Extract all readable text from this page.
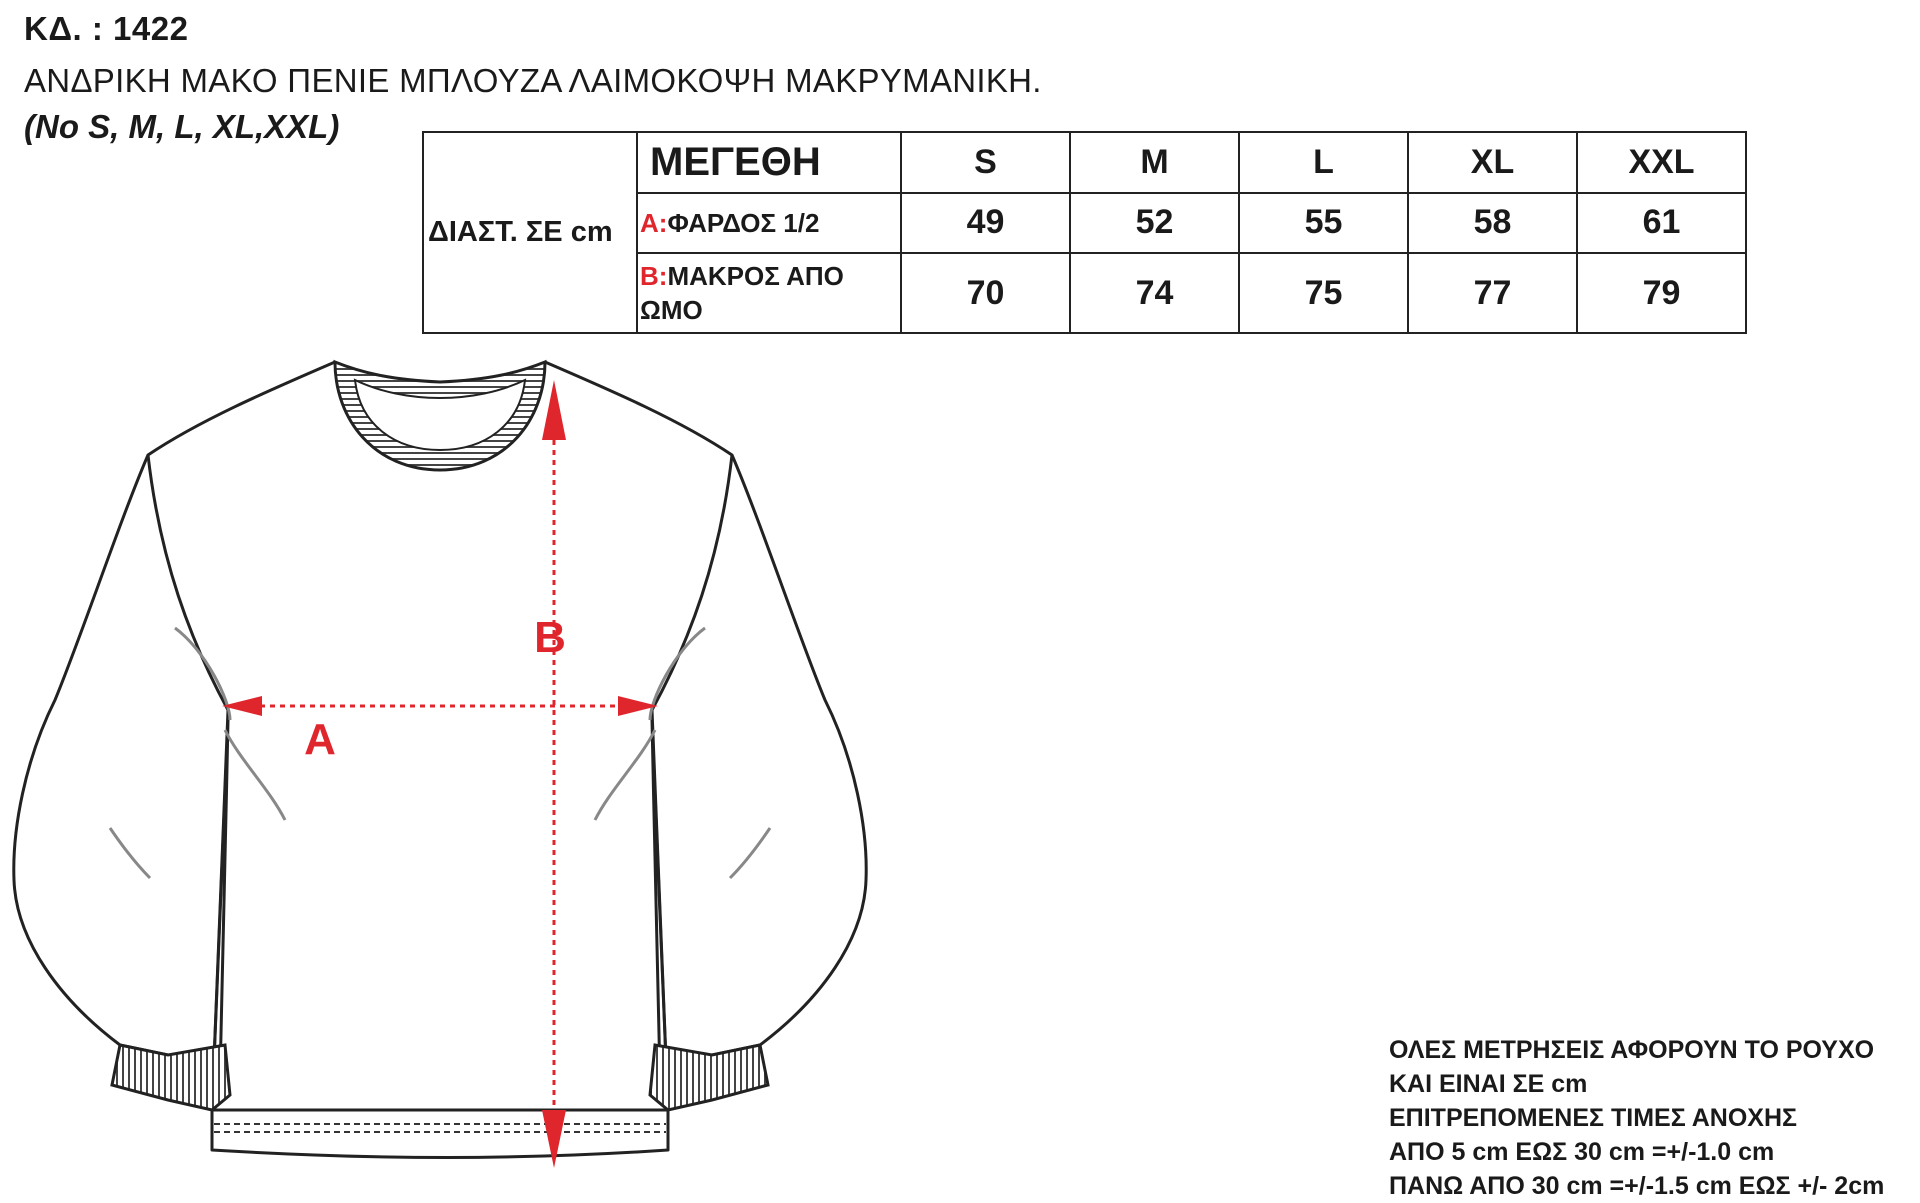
ΚΔ. : 1422
ΑΝΔΡΙΚΗ ΜΑΚΟ ΠΕΝΙΕ ΜΠΛΟΥΖΑ ΛΑΙΜΟΚΟΨΗ ΜΑΚΡΥΜΑΝΙΚΗ.
(No S, M, L, XL,XXL)
ΔΙΑΣΤ. ΣΕ cm	ΜΕΓΕΘΗ	S	M	L	XL	XXL
	A:ΦΑΡΔΟΣ 1/2	49	52	55	58	61
	B:ΜΑΚΡΟΣ ΑΠΟ ΩΜΟ	70	74	75	77	79
B
A
ΟΛΕΣ ΜΕΤΡΗΣΕΙΣ ΑΦΟΡΟΥΝ ΤΟ ΡΟΥΧΟ
ΚΑΙ ΕΙΝΑΙ ΣΕ cm
ΕΠΙΤΡΕΠΟΜΕΝΕΣ ΤΙΜΕΣ ΑΝΟΧΗΣ
ΑΠΟ 5 cm ΕΩΣ 30 cm =+/-1.0 cm
ΠΑΝΩ ΑΠΟ 30 cm =+/-1.5 cm ΕΩΣ +/- 2cm
